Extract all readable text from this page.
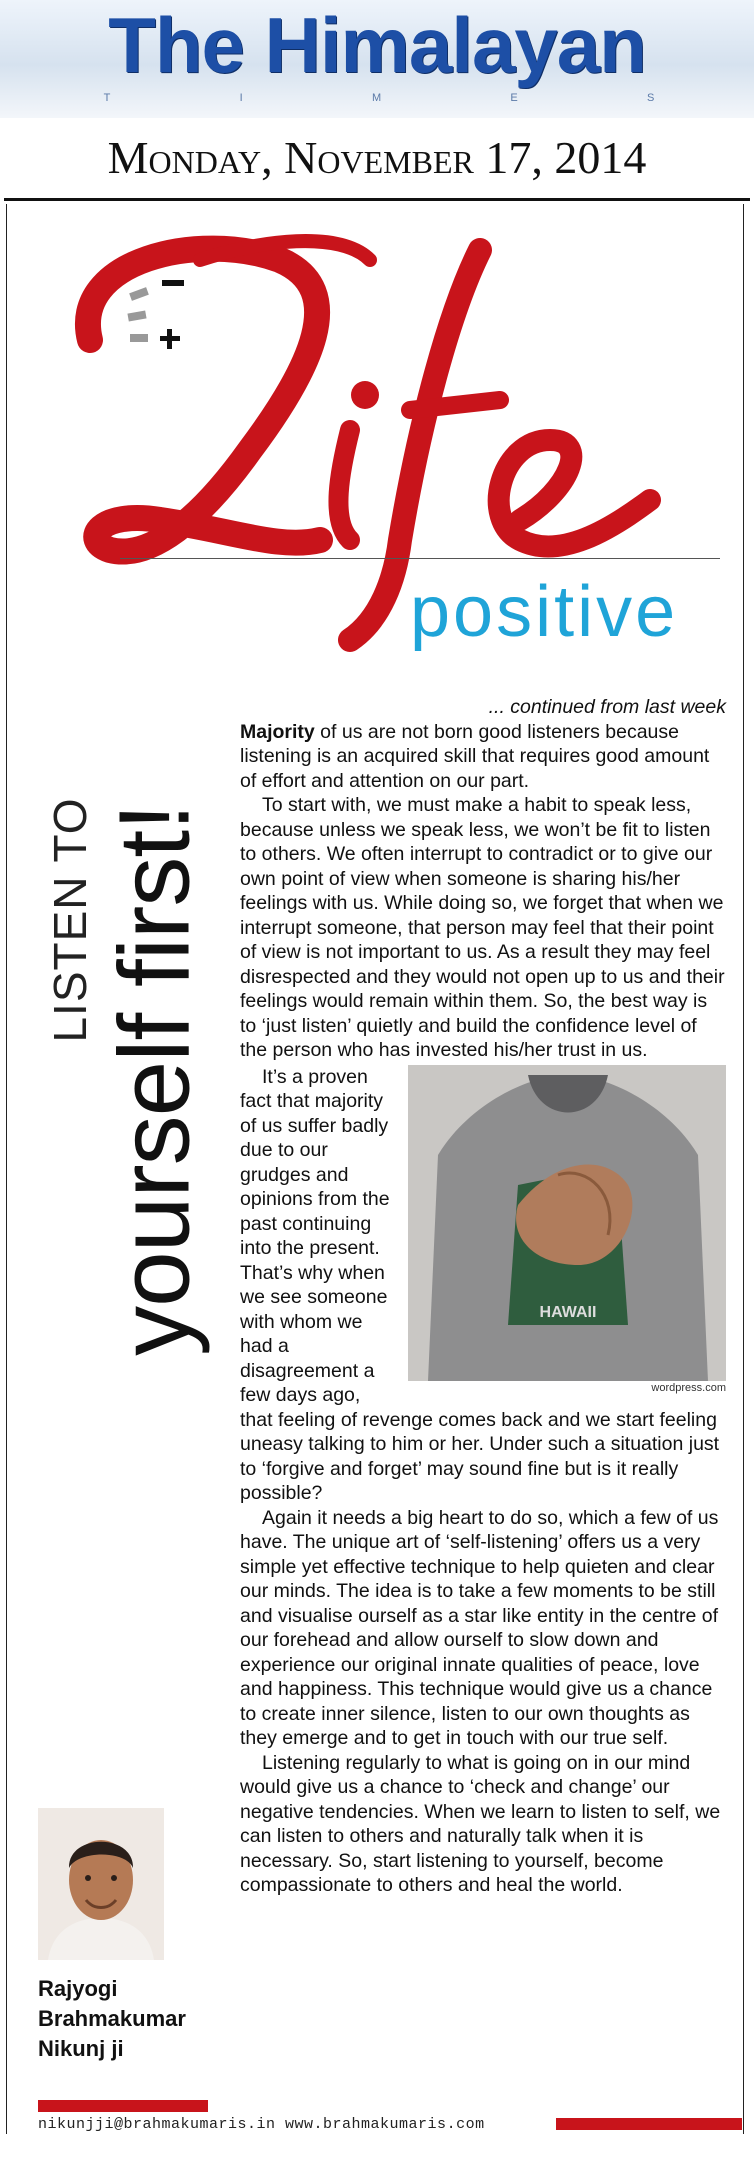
The Himalayan
T	I	M	E	S
Monday, November 17, 2014
positive
LISTEN TO yourself first!

... continued from last week

Majority of us are not born good listeners because listening is an acquired skill that requires good amount of effort and attention on our part.

To start with, we must make a habit to speak less, because unless we speak less, we won’t be fit to listen to others. We often interrupt to contradict or to give our own point of view when someone is sharing his/her feelings with us. While doing so, we forget that when we interrupt someone, that person may feel that their point of view is not important to us. As a result they may feel disrespected and they would not open up to us and their feelings would remain within them. So, the best way is to ‘just listen’ quietly and build the confidence level of the person who has invested his/her trust in us.

HAWAII
wordpress.com

It’s a proven fact that majority of us suffer badly due to our grudges and opinions from the past continuing into the present. That’s why when we see someone with whom we had a disagreement a few days ago, that feeling of revenge comes back and we start feeling uneasy talking to him or her. Under such a situation just to ‘forgive and forget’ may sound fine but is it really possible?

Again it needs a big heart to do so, which a few of us have. The unique art of ‘self-listening’ offers us a very simple yet effective technique to help quieten and clear our minds. The idea is to take a few moments to be still and visualise ourself as a star like entity in the centre of our forehead and allow ourself to slow down and experience our original innate qualities of peace, love and happiness. This technique would give us a chance to create inner silence, listen to our own thoughts as they emerge and to get in touch with our true self.

Listening regularly to what is going on in our mind would give us a chance to ‘check and change’ our negative tendencies. When we learn to listen to self, we can listen to others and naturally talk when it is necessary. So, start listening to yourself, become compassionate to others and heal the world.

Rajyogi
Brahmakumar
Nikunj ji
nikunjji@brahmakumaris.in www.brahmakumaris.com
